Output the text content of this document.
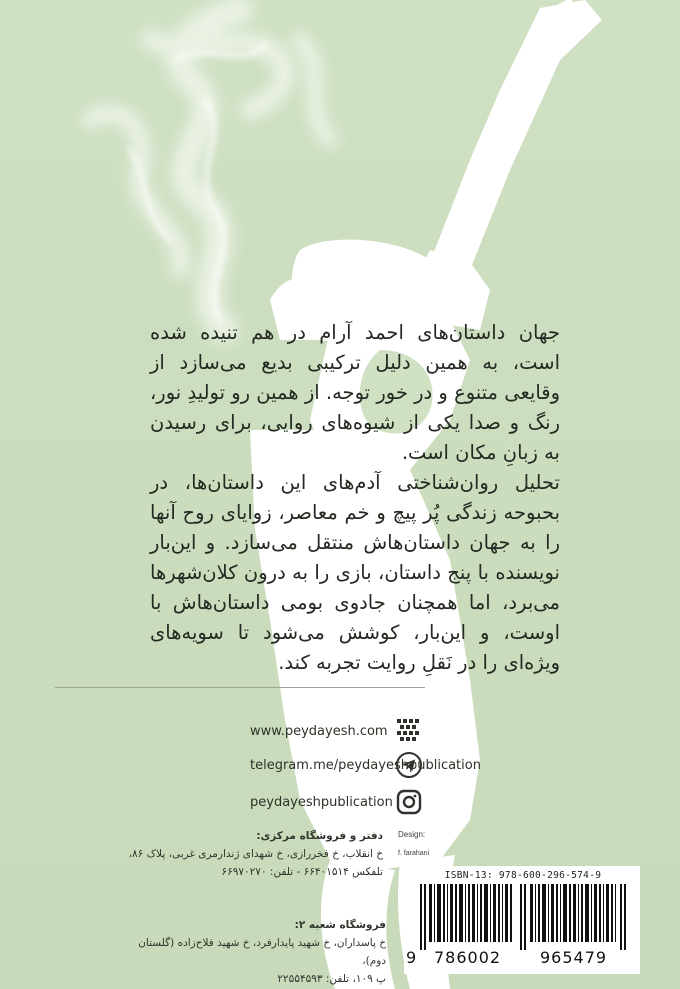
جهان داستان‌های احمد آرام در هم تنیده شده است، به همین دلیل ترکیبی بدیع می‌سازد از وقایعی متنوع و در خور توجه. از همین رو تولیدِ نور، رنگ و صدا یکی از شیوه‌های روایی، برای رسیدن به زبانِ مکان است.

تحلیل روان‌شناختی آدم‌های این داستان‌ها، در بحبوحه زندگی پُر پیچ و خم معاصر، زوایای روح آنها را به جهان داستان‌هاش منتقل می‌سازد. و این‌بار نویسنده با پنج داستان، بازی را به درون کلان‌شهرها می‌برد، اما همچنان جادوی بومی داستان‌هاش با اوست، و این‌بار، کوشش می‌شود تا سویه‌های ویژه‌ای را در نَقلِ روایت تجربه کند.

www.peydayesh.com
telegram.me/peydayeshpublication
peydayeshpublication
Design:
f. farahani
دفتر و فروشگاه مرکزی:
خ انقلاب، خ فخررازی، خ شهدای ژندارمری غربی، پلاک ۸۶،
تلفکس ۶۶۴۰۱۵۱۴ - تلفن: ۶۶۹۷۰۲۷۰
فروشگاه شعبه ۲:
خ پاسداران، خ شهید پایدارفرد، خ شهید فلاح‌زاده (گلستان دوم)،
پ ۱۰۹، تلفن: ۲۲۵۵۴۵۹۳
ISBN-13: 978-600-296-574-9
9 786002 965479
